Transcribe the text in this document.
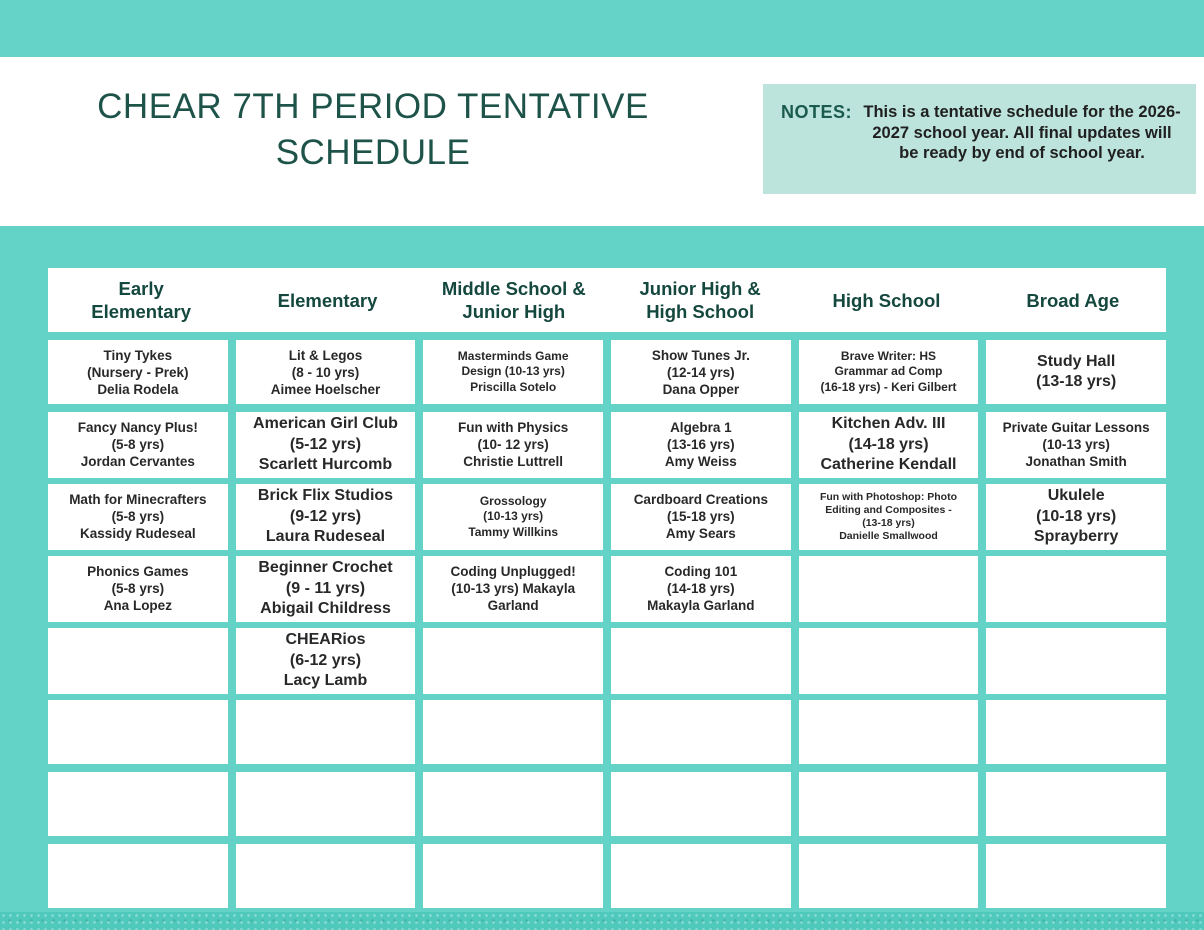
CHEAR 7TH PERIOD TENTATIVE SCHEDULE
NOTES: This is a tentative schedule for the 2026-2027 school year. All final updates will be ready by end of school year.
Early
Elementary
Elementary
Middle School &
Junior High
Junior High &
High School
High School	Broad Age
Tiny Tykes
(Nursery - Prek)
Delia Rodela
Lit & Legos
(8 - 10 yrs)
Aimee Hoelscher
Masterminds Game
Design (10-13 yrs)
Priscilla Sotelo
Show Tunes Jr.
(12-14 yrs)
Dana Opper
Brave Writer: HS
Grammar ad Comp
(16-18 yrs) - Keri Gilbert
Study Hall
(13-18 yrs)
Fancy Nancy Plus!
(5-8 yrs)
Jordan Cervantes
American Girl Club
(5-12 yrs)
Scarlett Hurcomb
Fun with Physics
(10- 12 yrs)
Christie Luttrell
Algebra 1
(13-16 yrs)
Amy Weiss
Kitchen Adv. III
(14-18 yrs)
Catherine Kendall
Private Guitar Lessons
(10-13 yrs)
Jonathan Smith
Math for Minecrafters
(5-8 yrs)
Kassidy Rudeseal
Brick Flix Studios
(9-12 yrs)
Laura Rudeseal
Grossology
(10-13 yrs)
Tammy Willkins
Cardboard Creations
(15-18 yrs)
Amy Sears
Fun with Photoshop: Photo
Editing and Composites -
(13-18 yrs)
Danielle Smallwood
Ukulele
(10-18 yrs)
Sprayberry
Phonics Games
(5-8 yrs)
Ana Lopez
Beginner Crochet
(9 - 11 yrs)
Abigail Childress
Coding Unplugged!
(10-13 yrs) Makayla
Garland
Coding 101
(14-18 yrs)
Makayla Garland
CHEARios
(6-12 yrs)
Lacy Lamb
